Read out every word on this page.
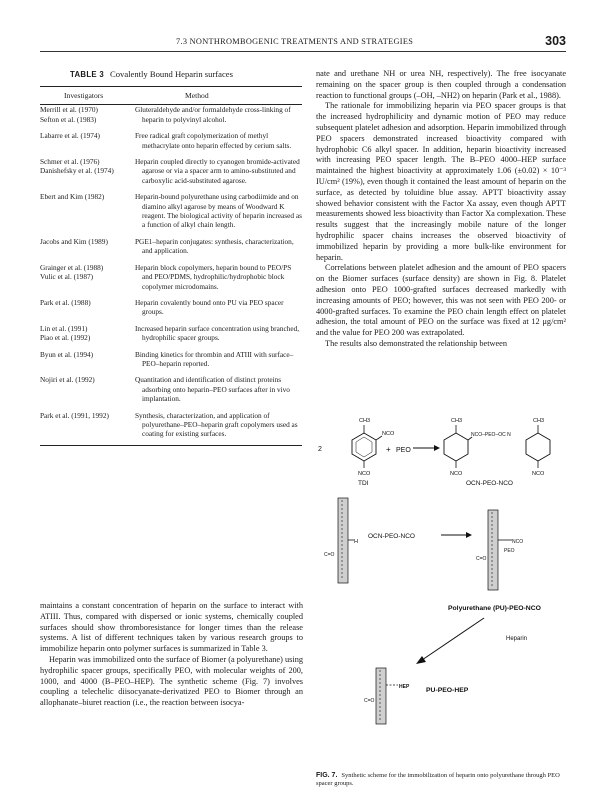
7.3 NONTHROMBOGENIC TREATMENTS AND STRATEGIES	303
TABLE 3 Covalently Bound Heparin surfaces
Investigators	Method
Merrill et al. (1970)
Sefton et al. (1983)	Gluteraldehyde and/or formaldehyde cross-linking of heparin to polyvinyl alcohol.

Labarre et al. (1974)	Free radical graft copolymerization of methyl methacrylate onto heparin effected by cerium salts.

Schmer et al. (1976)
Danishefsky et al. (1974)	Heparin coupled directly to cyanogen bromide-activated agarose or via a spacer arm to amino-substituted and carboxylic acid-substituted agarose.

Ebert and Kim (1982)	Heparin-bound polyurethane using carbodiimide and on diamino alkyl agarose by means of Woodward K reagent. The biological activity of heparin increased as a function of alkyl chain length.

Jacobs and Kim (1989)	PGE1–heparin conjugates: synthesis, characterization, and application.

Grainger et al. (1988)
Vulic et al. (1987)	Heparin block copolymers, heparin bound to PEO/PS and PEO/PDMS, hydrophilic/hydrophobic block copolymer microdomains.

Park et al. (1988)	Heparin covalently bound onto PU via PEO spacer groups.

Lin et al. (1991)
Piao et al. (1992)	Increased heparin surface concentration using branched, hydrophilic spacer groups.

Byun et al. (1994)	Binding kinetics for thrombin and ATIII with surface–PEO–heparin reported.

Nojiri et al. (1992)	Quantitation and identification of distinct proteins adsorbing onto heparin–PEO surfaces after in vivo implantation.

Park et al. (1991, 1992)	Synthesis, characterization, and application of polyurethane–PEO–heparin graft copolymers used as coating for existing surfaces.

maintains a constant concentration of heparin on the surface to interact with ATIII. Thus, compared with dispersed or ionic systems, chemically coupled surfaces should show thromboresistance for longer times than the release systems. A list of different techniques taken by various research groups to immobilize heparin onto polymer surfaces is summarized in Table 3.

Heparin was immobilized onto the surface of Biomer (a polyurethane) using hydrophilic spacer groups, specifically PEO, with molecular weights of 200, 1000, and 4000 (B–PEO–HEP). The synthetic scheme (Fig. 7) involves coupling a telechelic diisocyanate-derivatized PEO to Biomer through an allophanate–biuret reaction (i.e., the reaction between isocya-

nate and urethane NH or urea NH, respectively). The free isocyanate remaining on the spacer group is then coupled through a condensation reaction to functional groups (–OH, –NH2) on heparin (Park et al., 1988).

The rationale for immobilizing heparin via PEO spacer groups is that the increased hydrophilicity and dynamic motion of PEO may reduce subsequent platelet adhesion and adsorption. Heparin immobilized through PEO spacers demonstrated increased bioactivity compared with hydrophobic C6 alkyl spacer. In addition, heparin bioactivity increased with increasing PEO spacer length. The B–PEO 4000–HEP surface maintained the highest bioactivity at approximately 1.06 (±0.02) × 10⁻³ IU/cm² (19%), even though it contained the least amount of heparin on the surface, as detected by toluidine blue assay. APTT bioactivity assay showed behavior consistent with the Factor Xa assay, even though APTT measurements showed less bioactivity than Factor Xa complexation. These results suggest that the increasingly mobile nature of the longer hydrophilic spacer chains increases the observed bioactivity of immobilized heparin by providing a more bulk-like environment for heparin.

Correlations between platelet adhesion and the amount of PEO spacers on the Biomer surfaces (surface density) are shown in Fig. 8. Platelet adhesion onto PEO 1000-grafted surfaces decreased markedly with increasing amounts of PEO; however, this was not seen with PEO 200- or 4000-grafted surfaces. To examine the PEO chain length effect on platelet adhesion, the total amount of PEO on the surface was fixed at 12 μg/cm² and the value for PEO 200 was extrapolated.

The results also demonstrated the relationship between

2
CH3
NCO
NCO
TDI
+ PEO
CH3
NCO–PEO–OC N
NCO
CH3
NCO
OCN-PEO-NCO
H
C=O
OCN-PEO-NCO
NCO
PEO
C=O
Polyurethane (PU)-PEO-NCO
Heparin
HEP
C=O
PU-PEO-HEP
FIG. 7. Synthetic scheme for the immobilization of heparin onto polyurethane through PEO spacer groups.
